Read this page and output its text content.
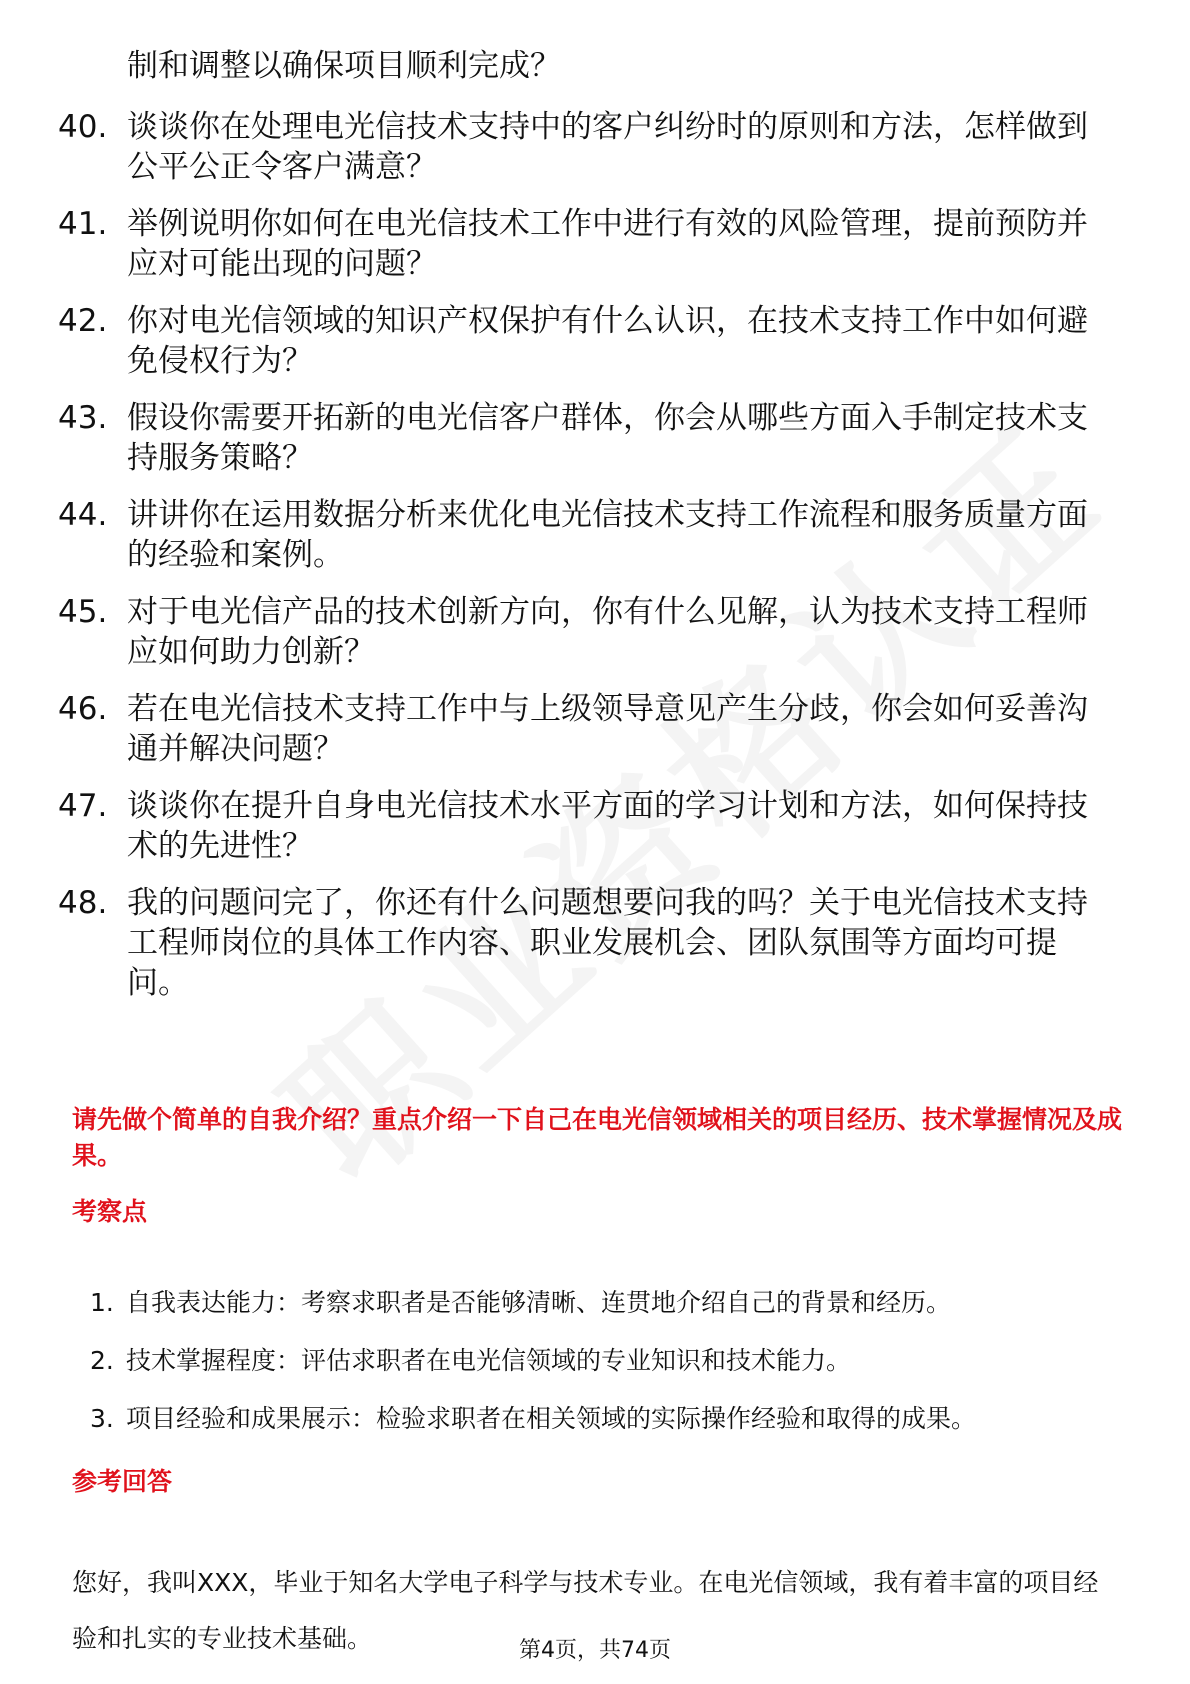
制和调整以确保项目顺利完成？

40. 谈谈你在处理电光信技术支持中的客户纠纷时的原则和方法，怎样做到公平公正令客户满意？
41. 举例说明你如何在电光信技术工作中进行有效的风险管理，提前预防并应对可能出现的问题？
42. 你对电光信领域的知识产权保护有什么认识，在技术支持工作中如何避免侵权行为？
43. 假设你需要开拓新的电光信客户群体，你会从哪些方面入手制定技术支持服务策略？
44. 讲讲你在运用数据分析来优化电光信技术支持工作流程和服务质量方面的经验和案例。
45. 对于电光信产品的技术创新方向，你有什么见解，认为技术支持工程师应如何助力创新？
46. 若在电光信技术支持工作中与上级领导意见产生分歧，你会如何妥善沟通并解决问题？
47. 谈谈你在提升自身电光信技术水平方面的学习计划和方法，如何保持技术的先进性？
48. 我的问题问完了，你还有什么问题想要问我的吗？关于电光信技术支持工程师岗位的具体工作内容、职业发展机会、团队氛围等方面均可提问。

请先做个简单的自我介绍？重点介绍一下自己在电光信领域相关的项目经历、技术掌握情况及成果。

考察点

1. 自我表达能力：考察求职者是否能够清晰、连贯地介绍自己的背景和经历。
2. 技术掌握程度：评估求职者在电光信领域的专业知识和技术能力。
3. 项目经验和成果展示：检验求职者在相关领域的实际操作经验和取得的成果。

参考回答

您好，我叫XXX，毕业于知名大学电子科学与技术专业。在电光信领域，我有着丰富的项目经验和扎实的专业技术基础。	第4页，共74页
